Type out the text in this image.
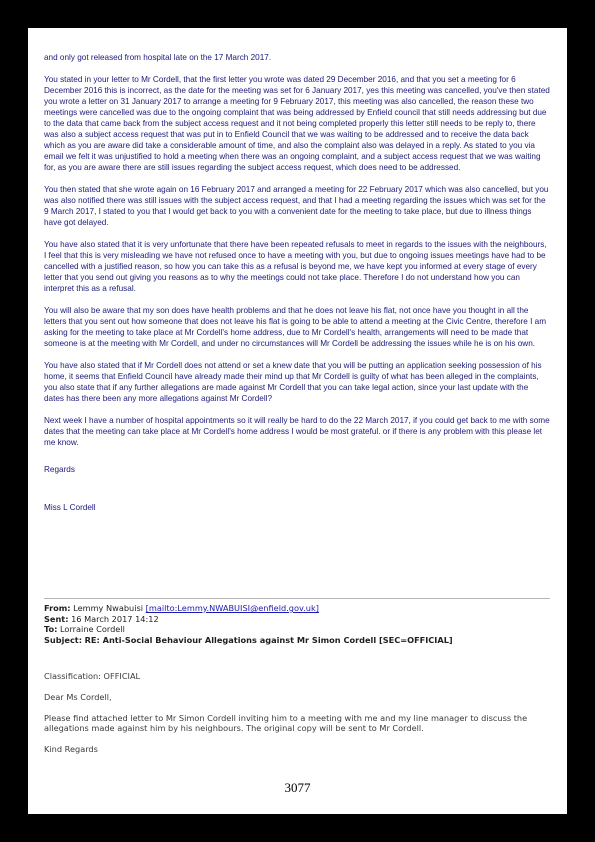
and only got released from hospital late on the 17 March 2017.

You stated in your letter to Mr Cordell, that the first letter you wrote was dated 29 December 2016, and that you set a meeting for 6 December 2016 this is incorrect, as the date for the meeting was set for 6 January 2017, yes this meeting was cancelled, you've then stated you wrote a letter on 31 January 2017 to arrange a meeting for 9 February 2017, this meeting was also cancelled, the reason these two meetings were cancelled was due to the ongoing complaint that was being addressed by Enfield council that still needs addressing but due to the data that came back from the subject access request and it not being completed properly this letter still needs to be reply to, there was also a subject access request that was put in to Enfield Council that we was waiting to be addressed and to receive the data back which as you are aware did take a considerable amount of time, and also the complaint also was delayed in a reply. As stated to you via email we felt it was unjustified to hold a meeting when there was an ongoing complaint, and a subject access request that we was waiting for, as you are aware there are still issues regarding the subject access request, which does need to be addressed.

You then stated that she wrote again on 16 February 2017 and arranged a meeting for 22 February 2017 which was also cancelled, but you was also notified there was still issues with the subject access request, and that I had a meeting regarding the issues which was set for the 9 March 2017, I stated to you that I would get back to you with a convenient date for the meeting to take place, but due to illness things have got delayed.

You have also stated that it is very unfortunate that there have been repeated refusals to meet in regards to the issues with the neighbours, I feel that this is very misleading we have not refused once to have a meeting with you, but due to ongoing issues meetings have had to be cancelled with a justified reason, so how you can take this as a refusal is beyond me, we have kept you informed at every stage of every letter that you send out giving you reasons as to why the meetings could not take place. Therefore I do not understand how you can interpret this as a refusal.

You will also be aware that my son does have health problems and that he does not leave his flat, not once have you thought in all the letters that you sent out how someone that does not leave his flat is going to be able to attend a meeting at the Civic Centre, therefore I am asking for the meeting to take place at Mr Cordell's home address, due to Mr Cordell's health, arrangements will need to be made that someone is at the meeting with Mr Cordell, and under no circumstances will Mr Cordell be addressing the issues while he is on his own.

You have also stated that if Mr Cordell does not attend or set a knew date that you will be putting an application seeking possession of his home, it seems that Enfield Council have already made their mind up that Mr Cordell is guilty of what has been alleged in the complaints, you also state that if any further allegations are made against Mr Cordell that you can take legal action, since your last update with the dates has there been any more allegations against Mr Cordell?

Next week I have a number of hospital appointments so it will really be hard to do the 22 March 2017, if you could get back to me with some dates that the meeting can take place at Mr Cordell's home address I would be most grateful. or if there is any problem with this please let me know.

Regards

Miss L Cordell

From: Lemmy Nwabuisi [mailto:Lemmy.NWABUISI@enfield.gov.uk]
Sent: 16 March 2017 14:12
To: Lorraine Cordell
Subject: RE: Anti-Social Behaviour Allegations against Mr Simon Cordell [SEC=OFFICIAL]

Classification: OFFICIAL

Dear Ms Cordell,

Please find attached letter to Mr Simon Cordell inviting him to a meeting with me and my line manager to discuss the allegations made against him by his neighbours. The original copy will be sent to Mr Cordell.

Kind Regards

3077
